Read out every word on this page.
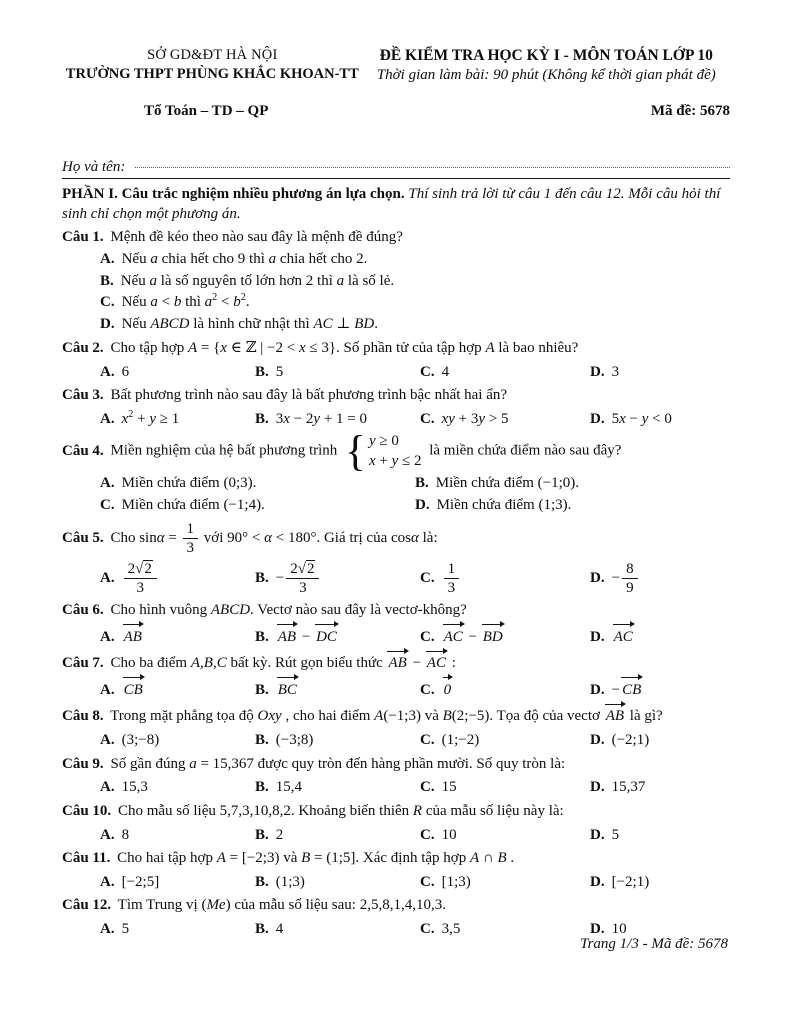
SỞ GD&ĐT HÀ NỘI
TRƯỜNG THPT PHÙNG KHẮC KHOAN-TT
ĐỀ KIỂM TRA HỌC KỲ I - MÔN TOÁN LỚP 10
Thời gian làm bài: 90 phút (Không kể thời gian phát đề)
Tổ Toán – TD – QP	Mã đề: 5678
Họ và tên:

PHẦN I. Câu trắc nghiệm nhiều phương án lựa chọn. Thí sinh trả lời từ câu 1 đến câu 12. Mỗi câu hỏi thí sinh chỉ chọn một phương án.

Câu 1. Mệnh đề kéo theo nào sau đây là mệnh đề đúng?

A. Nếu a chia hết cho 9 thì a chia hết cho 2.
B. Nếu a là số nguyên tố lớn hơn 2 thì a là số lẻ.
C. Nếu a < b thì $a^2 < b^2$.
D. Nếu ABCD là hình chữ nhật thì AC ⊥ BD.

Câu 2. Cho tập hợp A = {x ∈ ℤ | −2 < x ≤ 3}. Số phần tử của tập hợp A là bao nhiêu?

A. 6	B. 5	C. 4	D. 3

Câu 3. Bất phương trình nào sau đây là bất phương trình bậc nhất hai ẩn?

A. $x^2 + y \ge 1$	B. 3x − 2y + 1 = 0	C. xy + 3y > 5	D. 5x − y < 0

Câu 4. Miền nghiệm của hệ bất phương trình { y ≥ 0
x + y ≤ 2
là miền chứa điểm nào sau đây?

A. Miền chứa điểm (0;3).	B. Miền chứa điểm (−1;0).
C. Miền chứa điểm (−1;4).	D. Miền chứa điểm (1;3).

Câu 5. Cho $\sin\alpha = \frac{1}{3}$ với 90° < α < 180°. Giá trị của cosα là:

A. $\frac{2√2}{3}$	B. − $\frac{2√2}{3}$	C. $\frac{1}{3}$	D. − $\frac{8}{9}$

Câu 6. Cho hình vuông ABCD. Vectơ nào sau đây là vectơ-không?

A. AB	B. AB − DC	C. AC − BD	D. AC

Câu 7. Cho ba điểm A,B,C bất kỳ. Rút gọn biểu thức AB − AC :

A. CB	B. BC	C. 0	D. − CB

Câu 8. Trong mặt phẳng tọa độ Oxy , cho hai điểm A(−1;3) và B(2;−5). Tọa độ của vectơ AB là gì?

A. (3;−8)	B. (−3;8)	C. (1;−2)	D. (−2;1)

Câu 9. Số gần đúng a = 15,367 được quy tròn đến hàng phần mười. Số quy tròn là:

A. 15,3	B. 15,4	C. 15	D. 15,37

Câu 10. Cho mẫu số liệu 5,7,3,10,8,2. Khoảng biến thiên R của mẫu số liệu này là:

A. 8	B. 2	C. 10	D. 5

Câu 11. Cho hai tập hợp A = [−2;3) và B = (1;5]. Xác định tập hợp A ∩ B .

A. [−2;5]	B. (1;3)	C. [1;3)	D. [−2;1)

Câu 12. Tìm Trung vị (Me) của mẫu số liệu sau: 2,5,8,1,4,10,3.

A. 5	B. 4	C. 3,5	D. 10
Trang 1/3 - Mã đề: 5678
